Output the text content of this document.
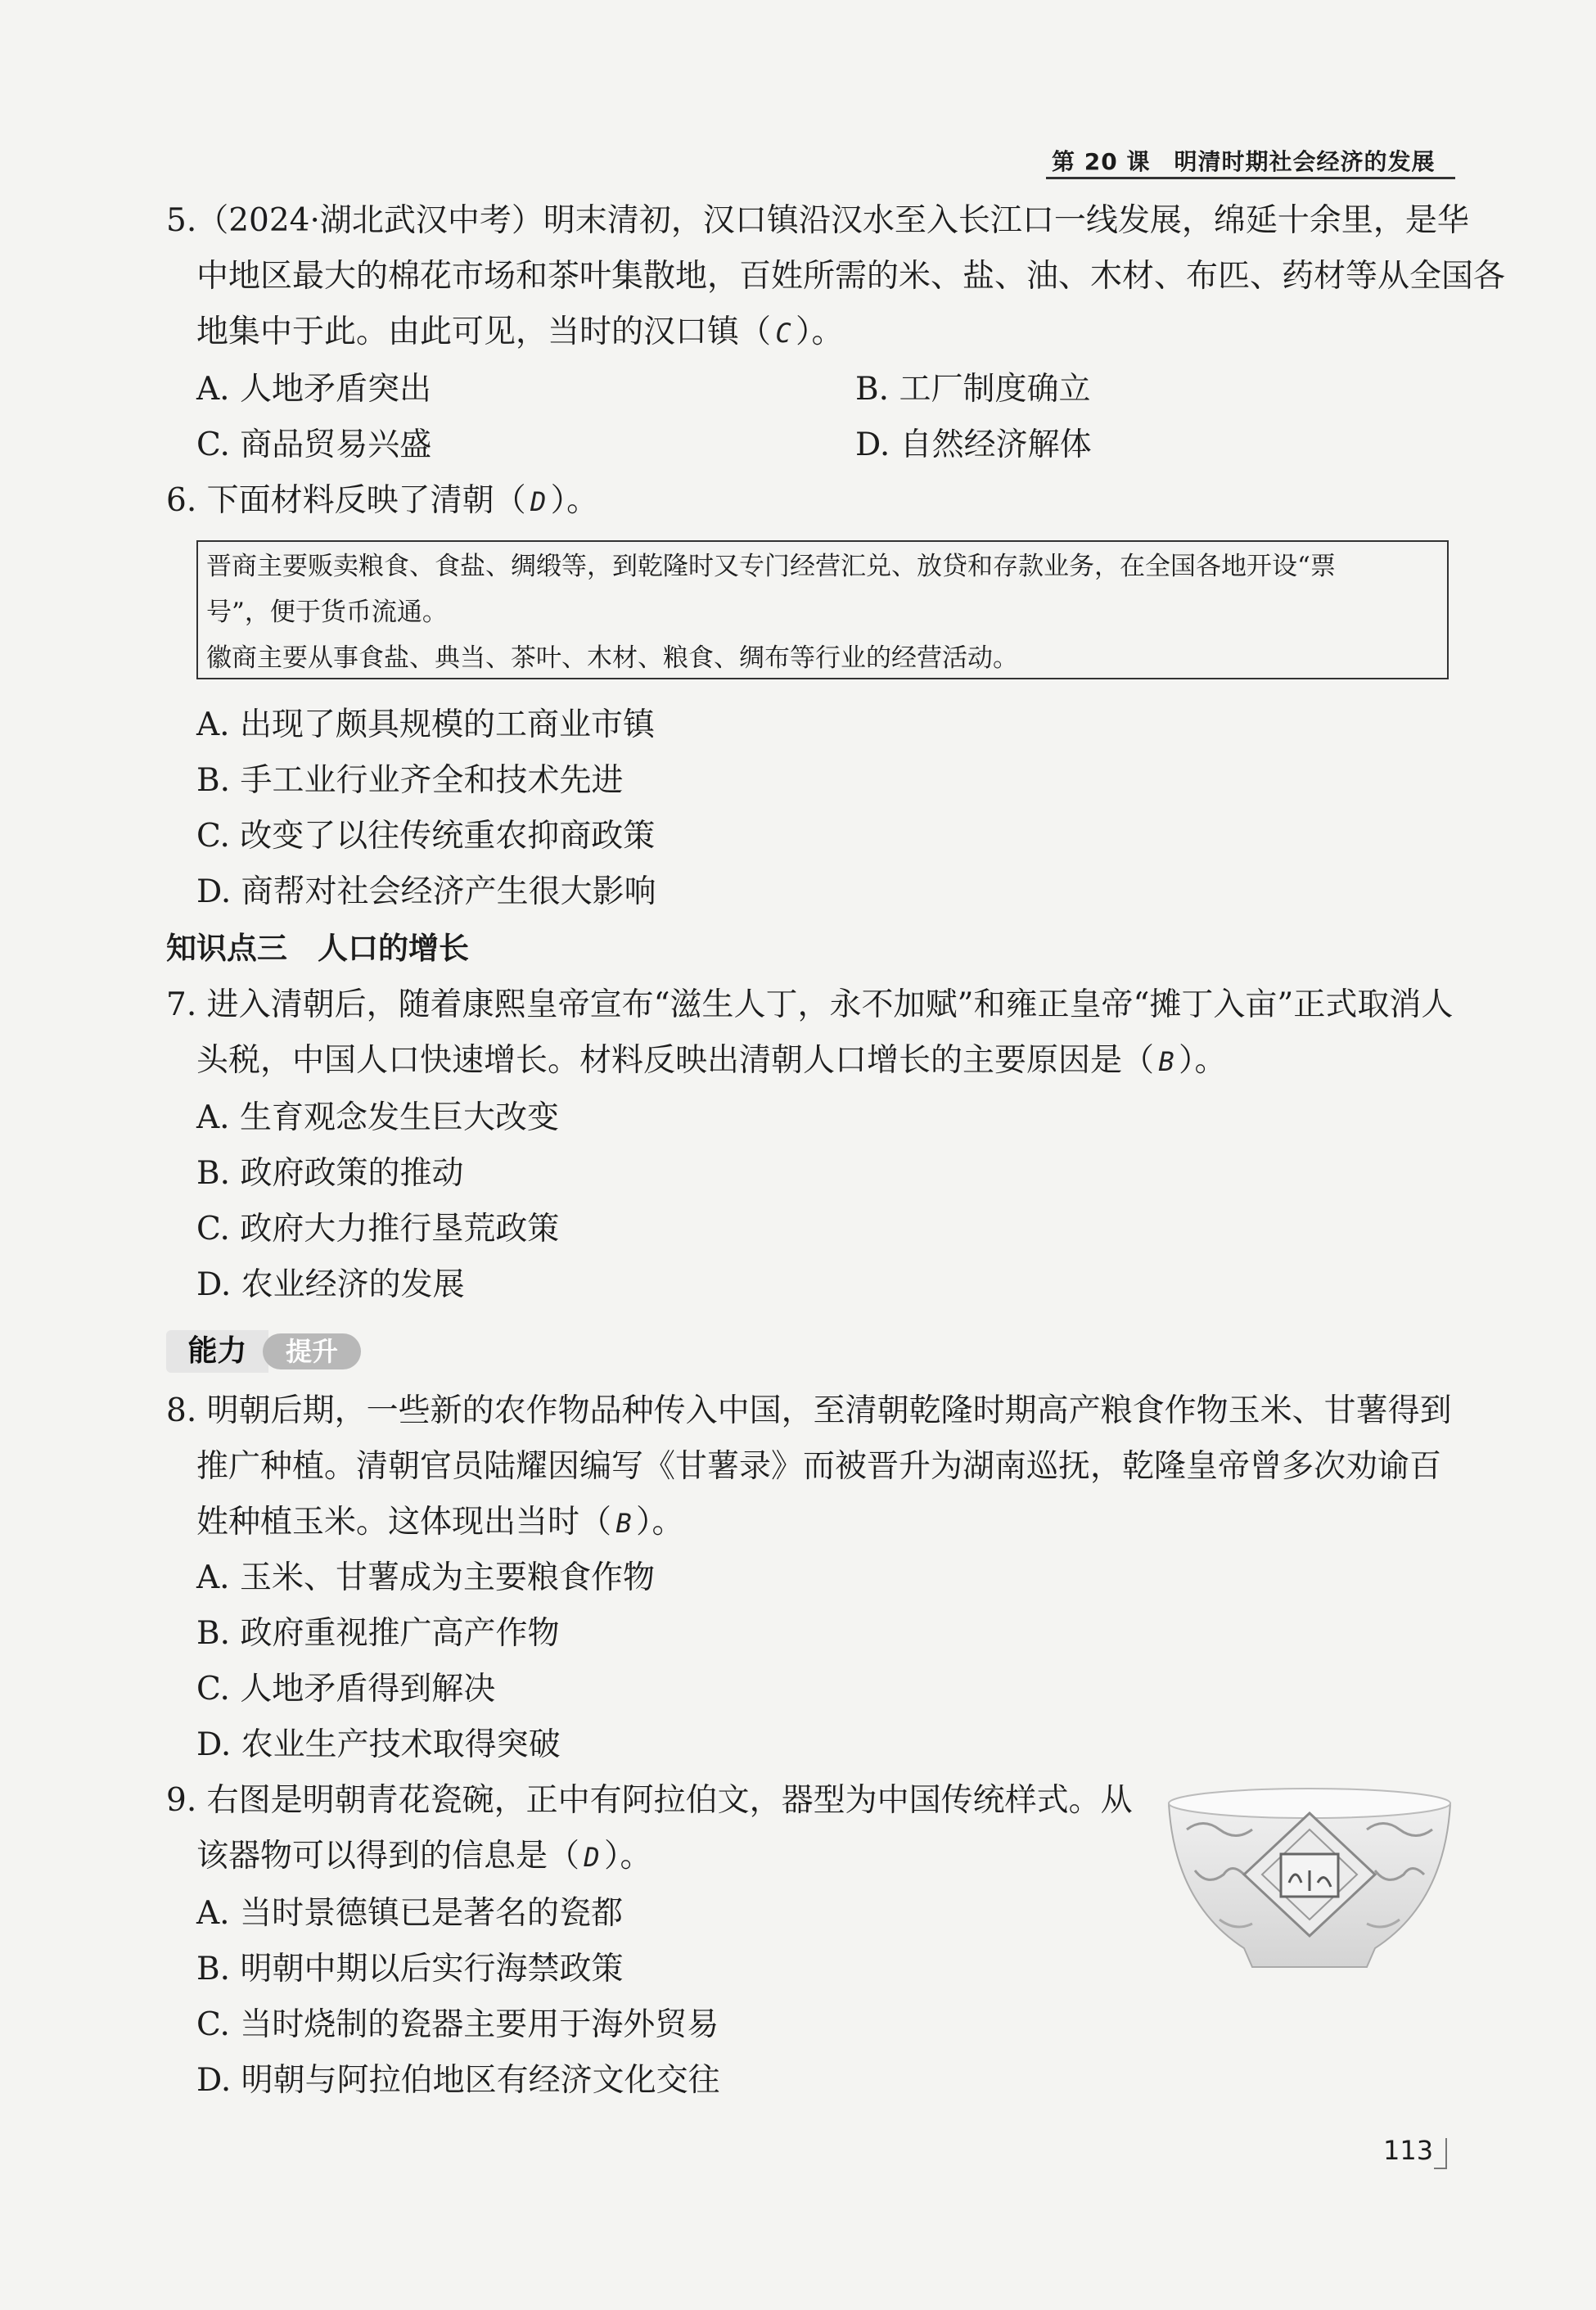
第 20 课　明清时期社会经济的发展
5.（2024·湖北武汉中考）明末清初，汉口镇沿汉水至入长江口一线发展，绵延十余里，是华
中地区最大的棉花市场和茶叶集散地，百姓所需的米、盐、油、木材、布匹、药材等从全国各
地集中于此。由此可见，当时的汉口镇（ C ）。
A. 人地矛盾突出	B. 工厂制度确立
C. 商品贸易兴盛	D. 自然经济解体
6. 下面材料反映了清朝（ D ）。

晋商主要贩卖粮食、食盐、绸缎等，到乾隆时又专门经营汇兑、放贷和存款业务，在全国各地开设“票

号”，便于货币流通。

徽商主要从事食盐、典当、茶叶、木材、粮食、绸布等行业的经营活动。

A. 出现了颇具规模的工商业市镇
B. 手工业行业齐全和技术先进
C. 改变了以往传统重农抑商政策
D. 商帮对社会经济产生很大影响
知识点三　人口的增长
7. 进入清朝后，随着康熙皇帝宣布“滋生人丁，永不加赋”和雍正皇帝“摊丁入亩”正式取消人
头税，中国人口快速增长。材料反映出清朝人口增长的主要原因是（ B ）。
A. 生育观念发生巨大改变
B. 政府政策的推动
C. 政府大力推行垦荒政策
D. 农业经济的发展
能力	提升
8. 明朝后期，一些新的农作物品种传入中国，至清朝乾隆时期高产粮食作物玉米、甘薯得到
推广种植。清朝官员陆耀因编写《甘薯录》而被晋升为湖南巡抚，乾隆皇帝曾多次劝谕百
姓种植玉米。这体现出当时（ B ）。
A. 玉米、甘薯成为主要粮食作物
B. 政府重视推广高产作物
C. 人地矛盾得到解决
D. 农业生产技术取得突破
9. 右图是明朝青花瓷碗，正中有阿拉伯文，器型为中国传统样式。从
该器物可以得到的信息是（ D ）。
A. 当时景德镇已是著名的瓷都
B. 明朝中期以后实行海禁政策
C. 当时烧制的瓷器主要用于海外贸易
D. 明朝与阿拉伯地区有经济文化交往
113
